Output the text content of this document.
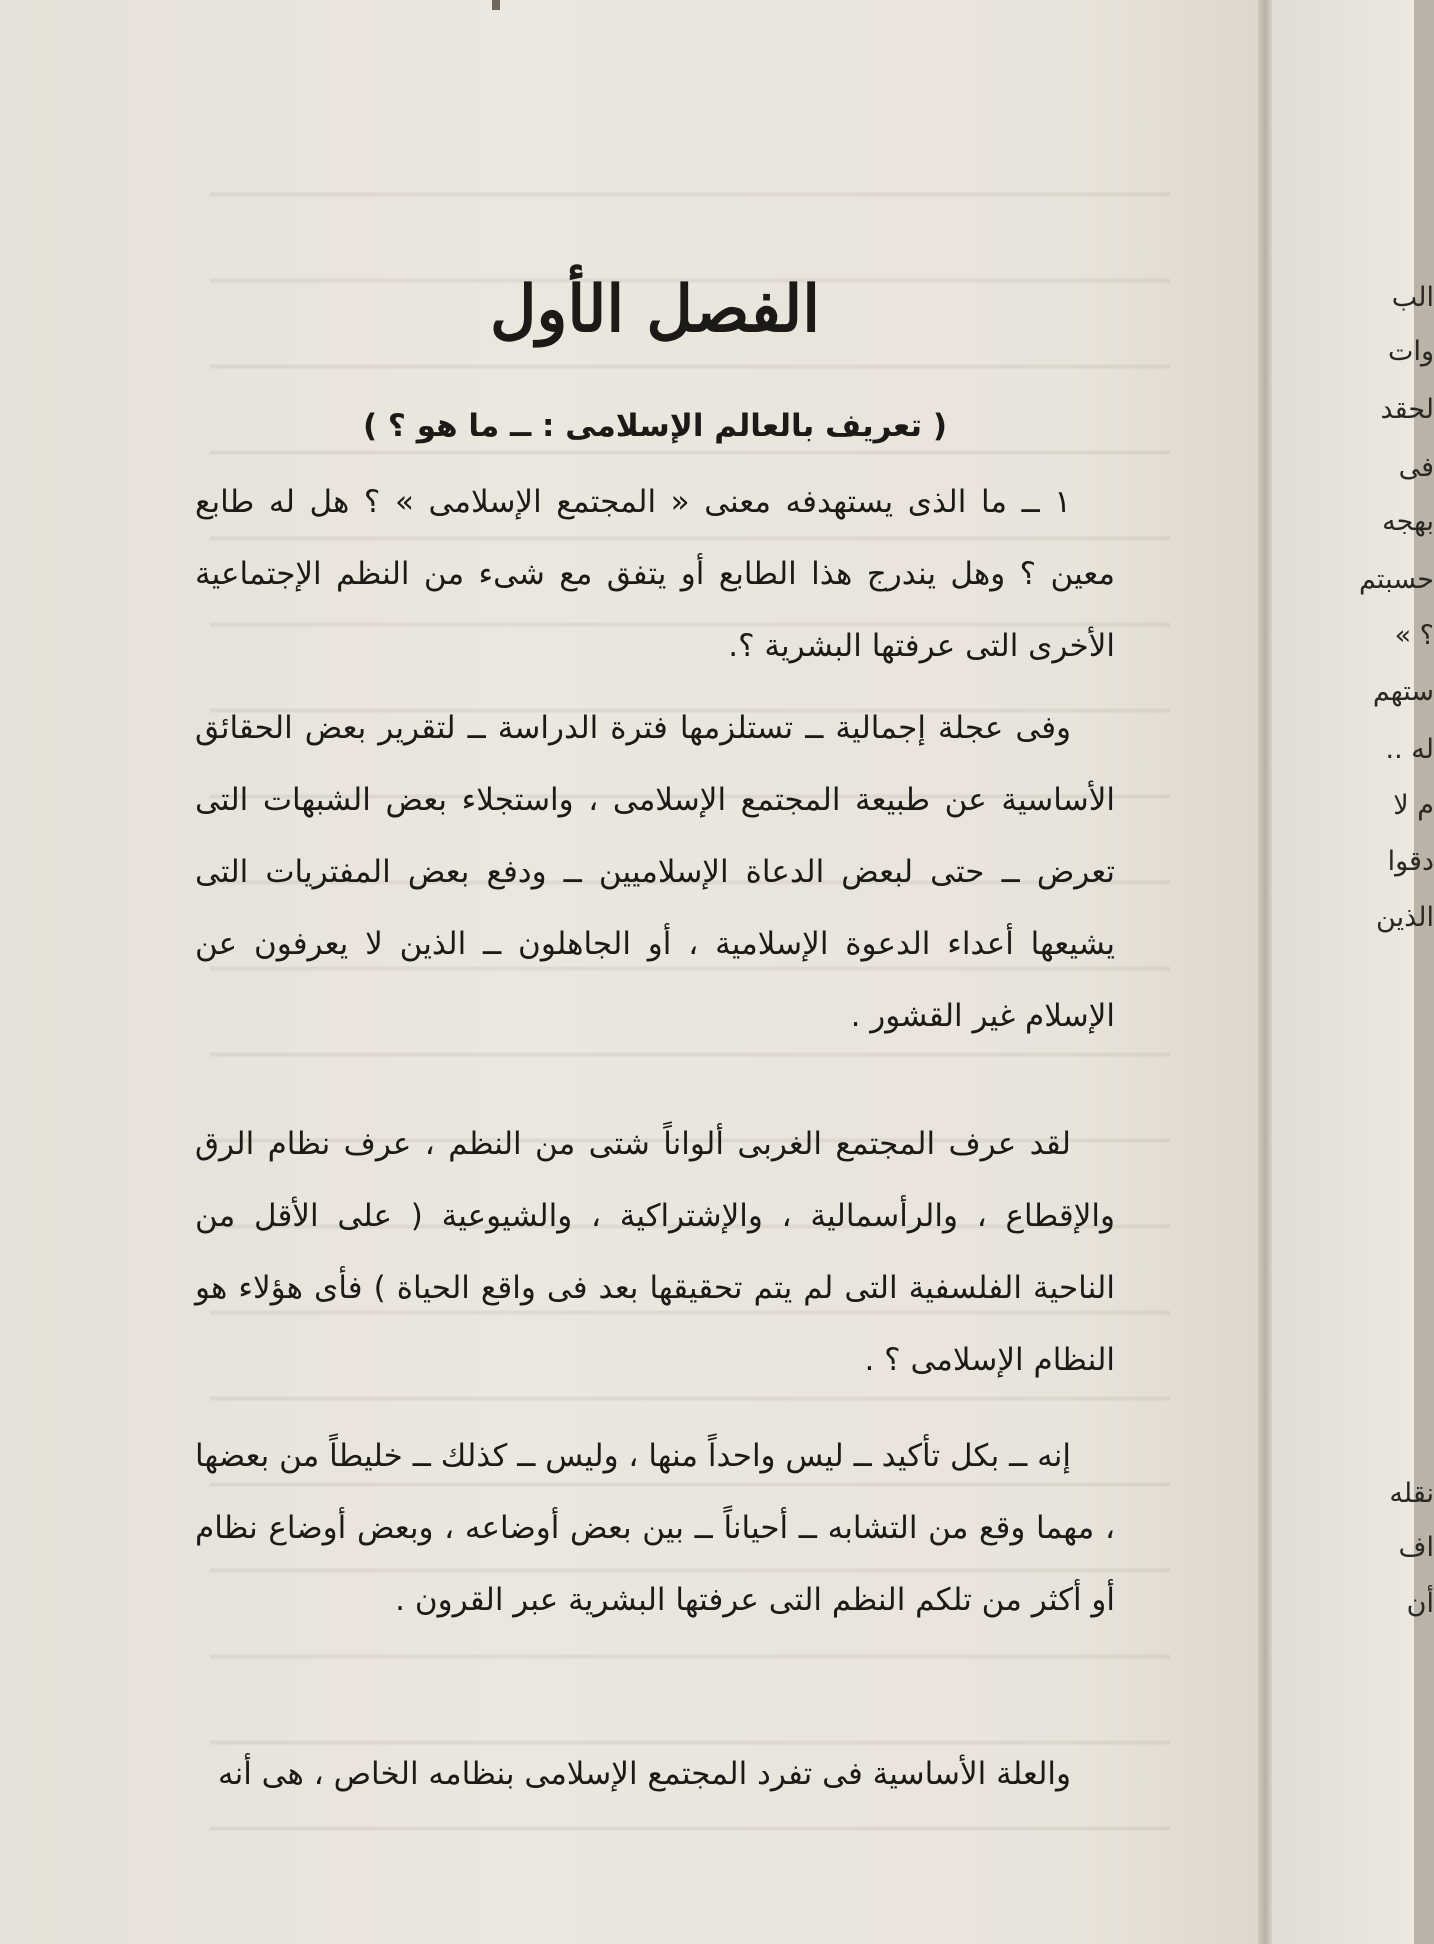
الفصل الأول
( تعريف بالعالم الإسلامى : ــ ما هو ؟ )

١ ــ ما الذى يستهدفه معنى « المجتمع الإسلامى » ؟ هل له طابع معين ؟ وهل يندرج هذا الطابع أو يتفق مع شىء من النظم الإجتماعية الأخرى التى عرفتها البشرية ؟.

وفى عجلة إجمالية ــ تستلزمها فترة الدراسة ــ لتقرير بعض الحقائق الأساسية عن طبيعة المجتمع الإسلامى ، واستجلاء بعض الشبهات التى تعرض ــ حتى لبعض الدعاة الإسلاميين ــ ودفع بعض المفتريات التى يشيعها أعداء الدعوة الإسلامية ، أو الجاهلون ــ الذين لا يعرفون عن الإسلام غير القشور .

لقد عرف المجتمع الغربى ألواناً شتى من النظم ، عرف نظام الرق والإقطاع ، والرأسمالية ، والإشتراكية ، والشيوعية ( على الأقل من الناحية الفلسفية التى لم يتم تحقيقها بعد فى واقع الحياة ) فأى هؤلاء هو النظام الإسلامى ؟ .

إنه ــ بكل تأكيد ــ ليس واحداً منها ، وليس ــ كذلك ــ خليطاً من بعضها ، مهما وقع من التشابه ــ أحياناً ــ بين بعض أوضاعه ، وبعض أوضاع نظام أو أكثر من تلكم النظم التى عرفتها البشرية عبر القرون .

والعلة الأساسية فى تفرد المجتمع الإسلامى بنظامه الخاص ، هى أنه

الب
وات
لحقد
فى
بهجه
حسبتم
؟ »
ستهم
له ..
م لا
دقوا
الذين
نقله
اف
أن
